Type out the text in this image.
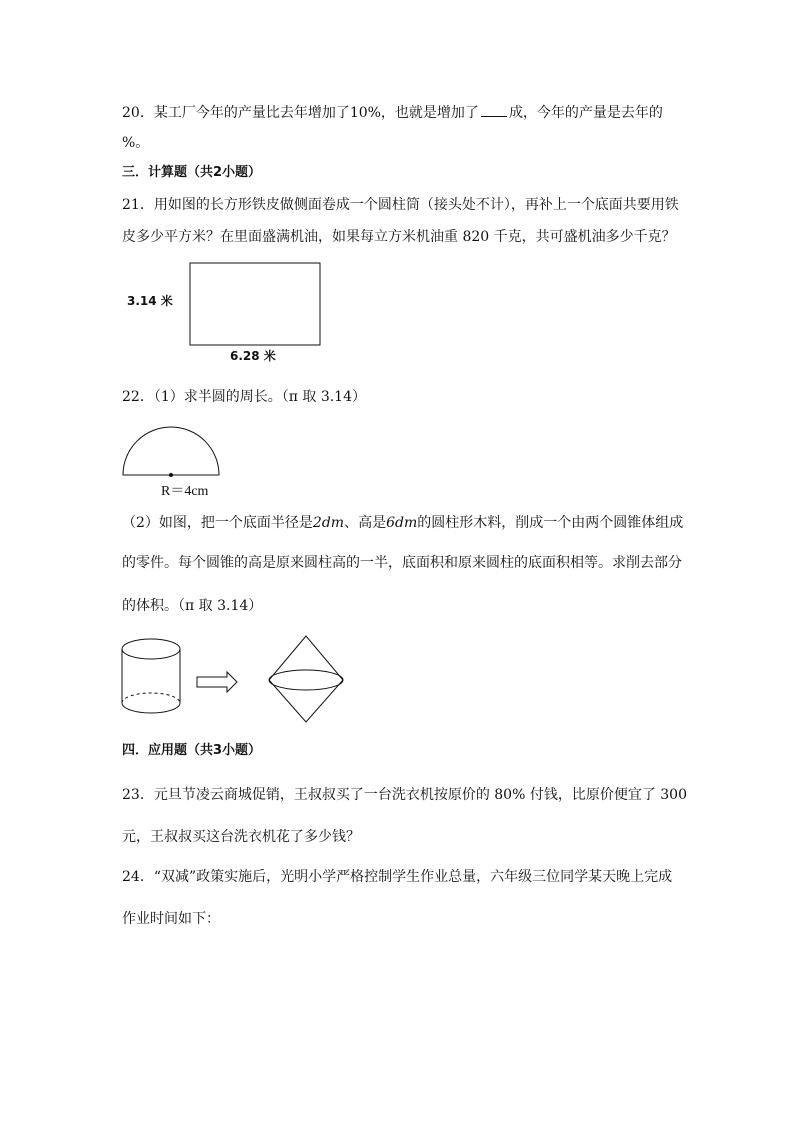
20．某工厂今年的产量比去年增加了10%，也就是增加了 成，今年的产量是去年的
%。
三．计算题（共2小题）
21．用如图的长方形铁皮做侧面卷成一个圆柱筒（接头处不计），再补上一个底面共要用铁
皮多少平方米？在里面盛满机油，如果每立方米机油重 820 千克，共可盛机油多少千克？
3.14 米
6.28 米
22．（1）求半圆的周长。（π 取 3.14）
R＝4cm
（2）如图，把一个底面半径是2dm、高是6dm的圆柱形木料，削成一个由两个圆锥体组成
的零件。每个圆锥的高是原来圆柱高的一半，底面积和原来圆柱的底面积相等。求削去部分
的体积。（π 取 3.14）
四．应用题（共3小题）
23．元旦节凌云商城促销，王叔叔买了一台洗衣机按原价的 80% 付钱，比原价便宜了 300
元，王叔叔买这台洗衣机花了多少钱？
24．“双减”政策实施后，光明小学严格控制学生作业总量，六年级三位同学某天晚上完成
作业时间如下：
